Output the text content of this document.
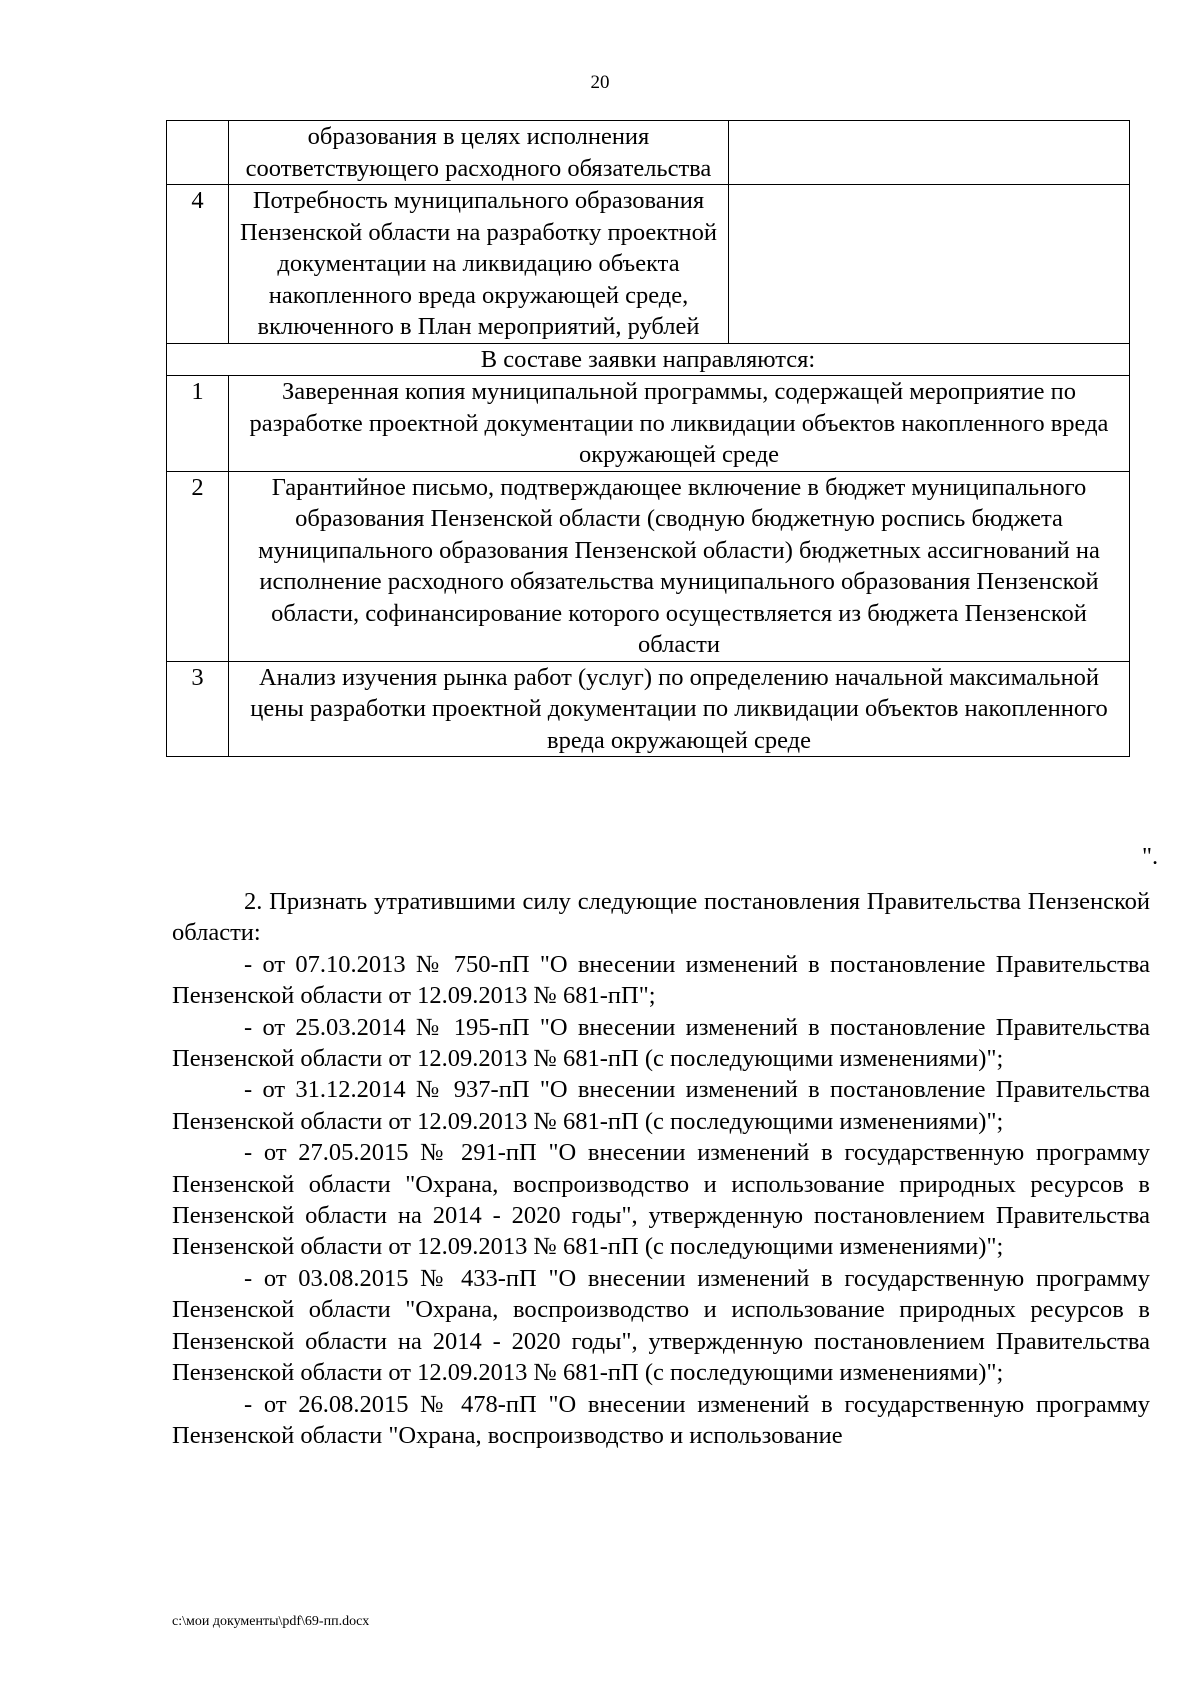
20
	образования в целях исполнения соответствующего расходного обязательства	
4	Потребность муниципального образования Пензенской области на разработку проектной документации на ликвидацию объекта накопленного вреда окружающей среде, включенного в План мероприятий, рублей	
В составе заявки направляются:		
1	Заверенная копия муниципальной программы, содержащей мероприятие по разработке проектной документации по ликвидации объектов накопленного вреда окружающей среде	
2	Гарантийное письмо, подтверждающее включение в бюджет муниципального образования Пензенской области (сводную бюджетную роспись бюджета муниципального образования Пензенской области) бюджетных ассигнований на исполнение расходного обязательства муниципального образования Пензенской области, софинансирование которого осуществляется из бюджета Пензенской области	
3	Анализ изучения рынка работ (услуг) по определению начальной максимальной цены разработки проектной документации по ликвидации объектов накопленного вреда окружающей среде	
".

2. Признать утратившими силу следующие постановления Правительства Пензенской области:

- от 07.10.2013 № 750-пП "О внесении изменений в постановление Правительства Пензенской области от 12.09.2013 № 681-пП";

- от 25.03.2014 № 195-пП "О внесении изменений в постановление Правительства Пензенской области от 12.09.2013 № 681-пП (с последующими изменениями)";

- от 31.12.2014 № 937-пП "О внесении изменений в постановление Правительства Пензенской области от 12.09.2013 № 681-пП (с последующими изменениями)";

- от 27.05.2015 № 291-пП "О внесении изменений в государственную программу Пензенской области "Охрана, воспроизводство и использование природных ресурсов в Пензенской области на 2014 - 2020 годы", утвержденную постановлением Правительства Пензенской области от 12.09.2013 № 681-пП (с последующими изменениями)";

- от 03.08.2015 № 433-пП "О внесении изменений в государственную программу Пензенской области "Охрана, воспроизводство и использование природных ресурсов в Пензенской области на 2014 - 2020 годы", утвержденную постановлением Правительства Пензенской области от 12.09.2013 № 681-пП (с последующими изменениями)";

- от 26.08.2015 № 478-пП "О внесении изменений в государственную программу Пензенской области "Охрана, воспроизводство и использование

c:\мои документы\pdf\69-пп.docx
